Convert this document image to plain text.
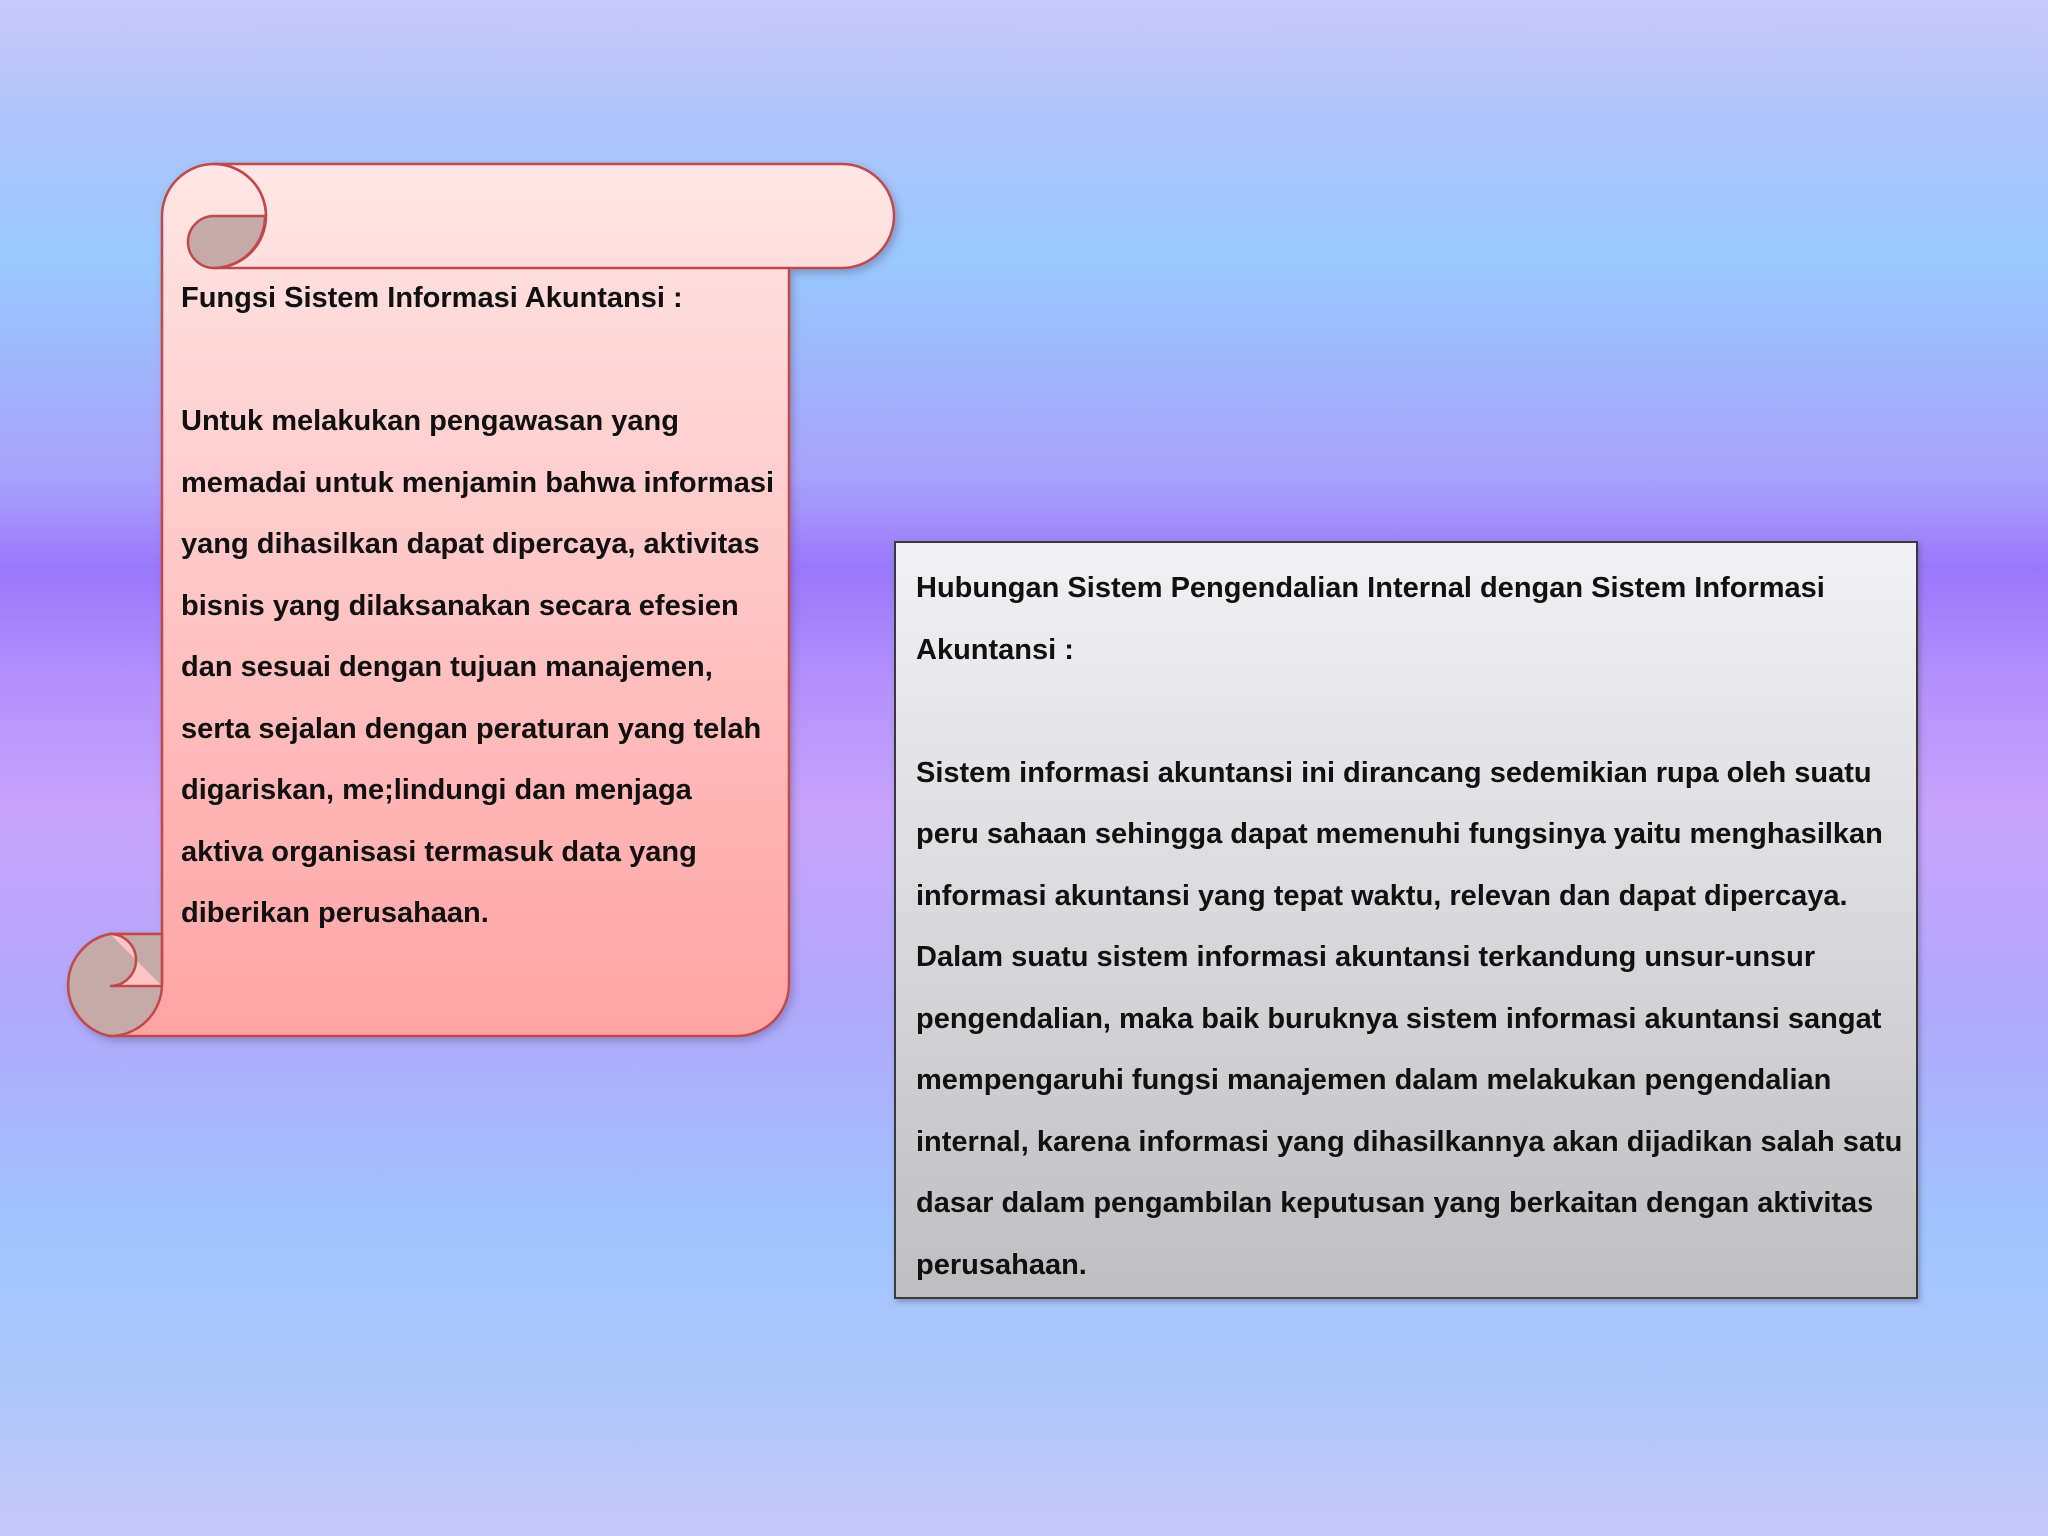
Fungsi Sistem Informasi Akuntansi :

Untuk melakukan pengawasan yang memadai untuk menjamin bahwa informasi yang dihasilkan dapat dipercaya, aktivitas bisnis yang dilaksanakan secara efesien dan sesuai dengan tujuan manajemen, serta sejalan dengan peraturan yang telah digariskan, me;lindungi dan menjaga aktiva organisasi termasuk data yang diberikan perusahaan.

Hubungan Sistem Pengendalian Internal dengan Sistem Informasi Akuntansi :

Sistem informasi akuntansi ini dirancang sedemikian rupa oleh suatu peru sahaan sehingga dapat memenuhi fungsinya yaitu menghasilkan informasi akuntansi yang tepat waktu, relevan dan dapat dipercaya. Dalam suatu sistem informasi akuntansi terkandung unsur-unsur pengendalian, maka baik buruknya sistem informasi akuntansi sangat mempengaruhi fungsi manajemen dalam melakukan pengendalian internal, karena informasi yang dihasilkannya akan dijadikan salah satu dasar dalam pengambilan keputusan yang berkaitan dengan aktivitas perusahaan.
